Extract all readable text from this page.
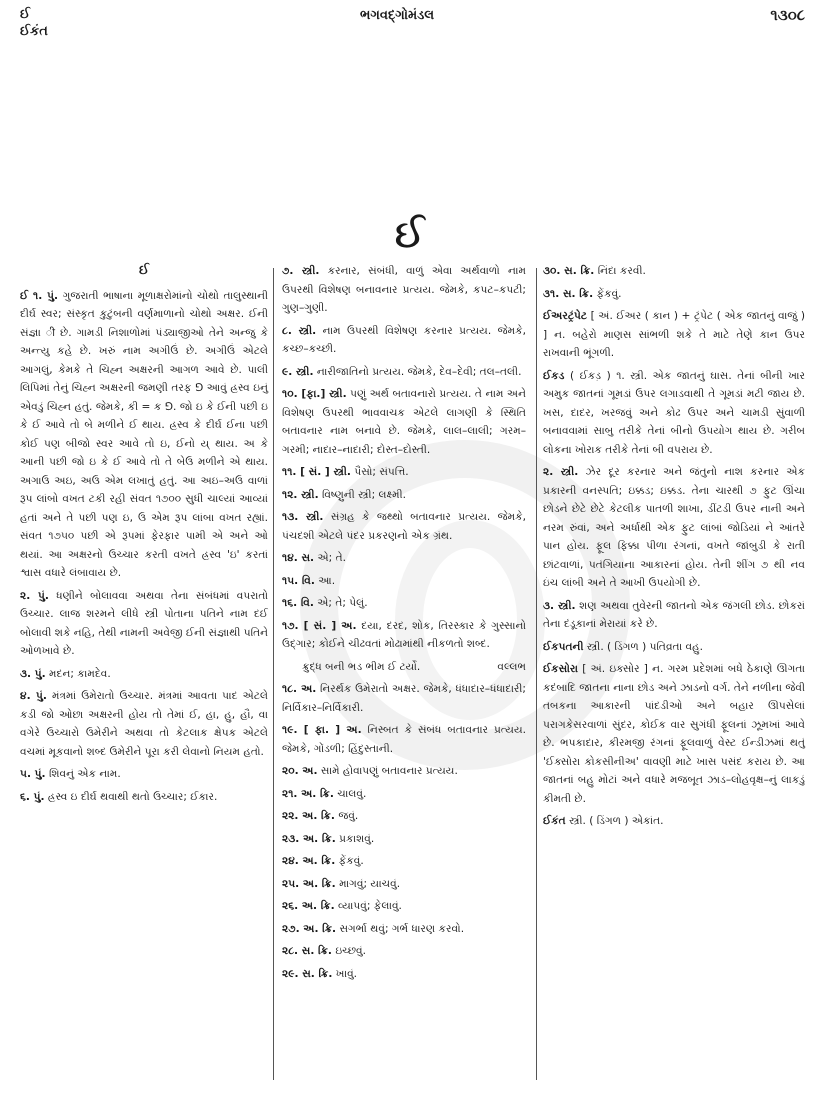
ઈ
ઈકંત
ભગવદ્ગોમંડલ	૧૩૦૮
ઈ
ઈ

ઈ ૧. પું. ગુજરાતી ભાષાના મૂળાક્ષરોમાંનો ચોથો તાલુસ્થાની દીર્ઘ સ્વર; સંસ્કૃત કુટુંબની વર્ણમાળાનો ચોથો અક્ષર. ઈની સંજ્ઞા ी છે. ગામડી નિશાળોમાં પંડ્યાજીઓ તેને અન્જુ કે અન્ત્યુ કહે છે. ખરું નામ અગીઉં છે. અગીઉં એટલે આગલું, કેમકે તે ચિહ્ન અક્ષરની આગળ આવે છે. પાલી લિપિમાં તેનું ચિહ્ન અક્ષરની જમણી તરફ ⅁ આવું હ્રસ્વ ઇનું એવડું ચિહ્ન હતું. જેમકે, કી = ક ⅁. જો ઇ કે ઈની પછી ઇ કે ઈ આવે તો બે મળીને ઈ થાય. હ્રસ્વ કે દીર્ઘ ઈના પછી કોઈ પણ બીજો સ્વર આવે તો ઇ, ઈનો ય્ થાય. અ કે આની પછી જો ઇ કે ઈ આવે તો તે બેઉ મળીને એ થાય. અગાઉ અઇ, અઉ એમ લખાતું હતું. આ અઇ–અઉ વાળાં રૂપ લાંબો વખત ટકી રહી સંવત ૧૭૦૦ સુધી ચાલ્યાં આવ્યાં હતાં અને તે પછી પણ ઇ, ઉ એમ રૂપ લાંબા વખત રહ્યાં. સંવત ૧૭૫૦ પછી એ રૂપમાં ફેરફાર પામી એ અને ઓ થયાં. આ અક્ષરનો ઉચ્ચાર કરતી વખતે હ્રસ્વ 'ઇ' કરતાં શ્વાસ વધારે લંબાવાય છે.

૨. પું. ધણીને બોલાવવા અથવા તેના સંબંધમાં વપરાતો ઉચ્ચાર. લાજ શરમને લીધે સ્ત્રી પોતાના પતિને નામ દઈ બોલાવી શકે નહિ, તેથી નામની અવેજી ઈની સંજ્ઞાથી પતિને ઓળખાવે છે.

૩. પું. મદન; કામદેવ.

૪. પું. મંત્રમાં ઉમેરાતો ઉચ્ચાર. મંત્રમાં આવતા પાદ એટલે કડી જો ઓછા અક્ષરની હોય તો તેમાં ઈ, હા, હુ, હૌ, વા વગેરે ઉચ્ચારો ઉમેરીને અથવા તો કેટલાક ક્ષેપક એટલે વચમાં મૂકવાનો શબ્દ ઉમેરીને પૂરા કરી લેવાનો નિયમ હતો.

૫. પું. શિવનું એક નામ.

૬. પું. હ્રસ્વ ઇ દીર્ઘ થવાથી થતો ઉચ્ચાર; ઈકાર.

૭. સ્ત્રી. કરનાર, સંબંધી, વાળું એવા અર્થવાળો નામ ઉપરથી વિશેષણ બનાવનાર પ્રત્યય. જેમકે, કપટ–કપટી; ગુણ–ગુણી.

૮. સ્ત્રી. નામ ઉપરથી વિશેષણ કરનાર પ્રત્યય. જેમકે, કચ્છ–કચ્છી.

૯. સ્ત્રી. નારીજાતિનો પ્રત્યય. જેમકે, દેવ–દેવી; તલ–તલી.

૧૦. [ફા.] સ્ત્રી. પણું અર્થ બતાવનારો પ્રત્યય. તે નામ અને વિશેષણ ઉપરથી ભાવવાચક એટલે લાગણી કે સ્થિતિ બતાવનાર નામ બનાવે છે. જેમકે, લાલ–લાલી; ગરમ–ગરમી; નાદાર–નાદારી; દોસ્ત–દોસ્તી.

૧૧. [ સં. ] સ્ત્રી. પૈસો; સંપત્તિ.

૧૨. સ્ત્રી. વિષ્ણુની સ્ત્રી; લક્ષ્મી.

૧૩. સ્ત્રી. સંગ્રહ કે જથ્થો બતાવનાર પ્રત્યય. જેમકે, પંચદશી એટલે પંદર પ્રકરણનો એક ગ્રંથ.

૧૪. સ. એ; તે.

૧૫. વિ. આ.

૧૬. વિ. એ; તે; પેલું.

૧૭. [ સં. ] અ. દયા, દરદ, શોક, તિરસ્કાર કે ગુસ્સાનો ઉદ્ગાર; કોઈને ચીઢવતાં મોઢામાંથી નીકળતો શબ્દ.

ક્રુદ્ધ બની ભડ ભીમ ઈ ટર્યો.	વલ્લભ

૧૮. અ. નિરર્થક ઉમેરાતો અક્ષર. જેમકે, ધંધાદાર–ધંધાદારી; નિર્વિકાર–નિર્વિકારી.

૧૯. [ ફા. ] અ. નિસ્બત કે સંબંધ બતાવનાર પ્રત્યય. જેમકે, ગોંડળી; હિંદુસ્તાની.

૨૦. અ. સામે હોવાપણું બતાવનાર પ્રત્યય.

૨૧. અ. ક્રિ. ચાલવું.

૨૨. અ. ક્રિ. જવું.

૨૩. અ. ક્રિ. પ્રકાશવું.

૨૪. અ. ક્રિ. ફેંકવું.

૨૫. અ. ક્રિ. માગવું; યાચવું.

૨૬. અ. ક્રિ. વ્યાપવું; ફેલાવું.

૨૭. અ. ક્રિ. સગર્ભા થવું; ગર્ભ ધારણ કરવો.

૨૮. સ. ક્રિ. ઇચ્છવું.

૨૯. સ. ક્રિ. ખાવું.

૩૦. સ. ક્રિ. નિંદા કરવી.

૩૧. સ. ક્રિ. ફેંકવું.

ઈઅરટ્રંપેટ [ અં. ઈઅર ( કાન ) + ટ્રંપેટ ( એક જાતનું વાજું ) ] ન. બહેરો માણસ સાંભળી શકે તે માટે તેણે કાન ઉપર રાખવાની ભૂંગળી.

ઈકડ ( ઈકડ઼ ) ૧. સ્ત્રી. એક જાતનું ઘાસ. તેનાં બીની ખાર અમુક જાતનાં ગૂમડાં ઉપર લગાડવાથી તે ગૂમડાં મટી જાય છે. ખસ, દાદર, ખરજવું અને કોઢ ઉપર અને ચામડી સુંવાળી બનાવવામાં સાબુ તરીકે તેનાં બીનો ઉપયોગ થાય છે. ગરીબ લોકના ખોરાક તરીકે તેનાં બી વપરાય છે.

૨. સ્ત્રી. ઝેર દૂર કરનાર અને જંતુનો નાશ કરનાર એક પ્રકારની વનસ્પતિ; ઇક્કડ; ઇક્કડ. તેના ચારથી ૭ ફુટ ઊંચા છોડને છેટે છેટે કેટલીક પાતળી શાખા, ડીંટડી ઉપર નાની અને નરમ રુંવાં, અને અર્ધાથી એક ફુટ લાંબાં જોડિયાં ને આંતરે પાન હોય. ફૂલ ફિક્કા પીળા રંગનાં, વખતે જાંબુડી કે રાતી છાંટવાળાં, પતંગિયાના આકારનાં હોય. તેની શીંગ ૭ થી નવ ઇંચ લાંબી અને તે આખી ઉપયોગી છે.

૩. સ્ત્રી. શણ અથવા તુવેરની જાતનો એક જંગલી છોડ. છોકરાં તેના દંડૂકાનાં મેરાયાં કરે છે.

ઈકપતની સ્ત્રી. ( ડિંગળ ) પતિવ્રતા વહુ.

ઈકસોરા [ અં. ઇક્સોર ] ન. ગરમ પ્રદેશમાં બધે ઠેકાણે ઊગતા કદંબાદિ જાતના નાના છોડ અને ઝાડનો વર્ગ. તેને નળીના જેવી તબકના આકારની પાંદડીઓ અને બહાર ઊપસેલાં પરાગકેસરવાળાં સુંદર, કોઈક વાર સુગંધી ફૂલનાં ઝૂમખાં આવે છે. ભપકાદાર, કીરમજી રંગનાં ફૂલવાળું વેસ્ટ ઈન્ડીઝમાં થતું 'ઈક્સોરા કોકસીનીઅ' વાવણી માટે ખાસ પસંદ કરાય છે. આ જાતનાં બહુ મોટાં અને વધારે મજબૂત ઝાડ–લોહવૃક્ષ–નું લાકડું કીમતી છે.

ઈકંત સ્ત્રી. ( ડિંગળ ) એકાંત.
